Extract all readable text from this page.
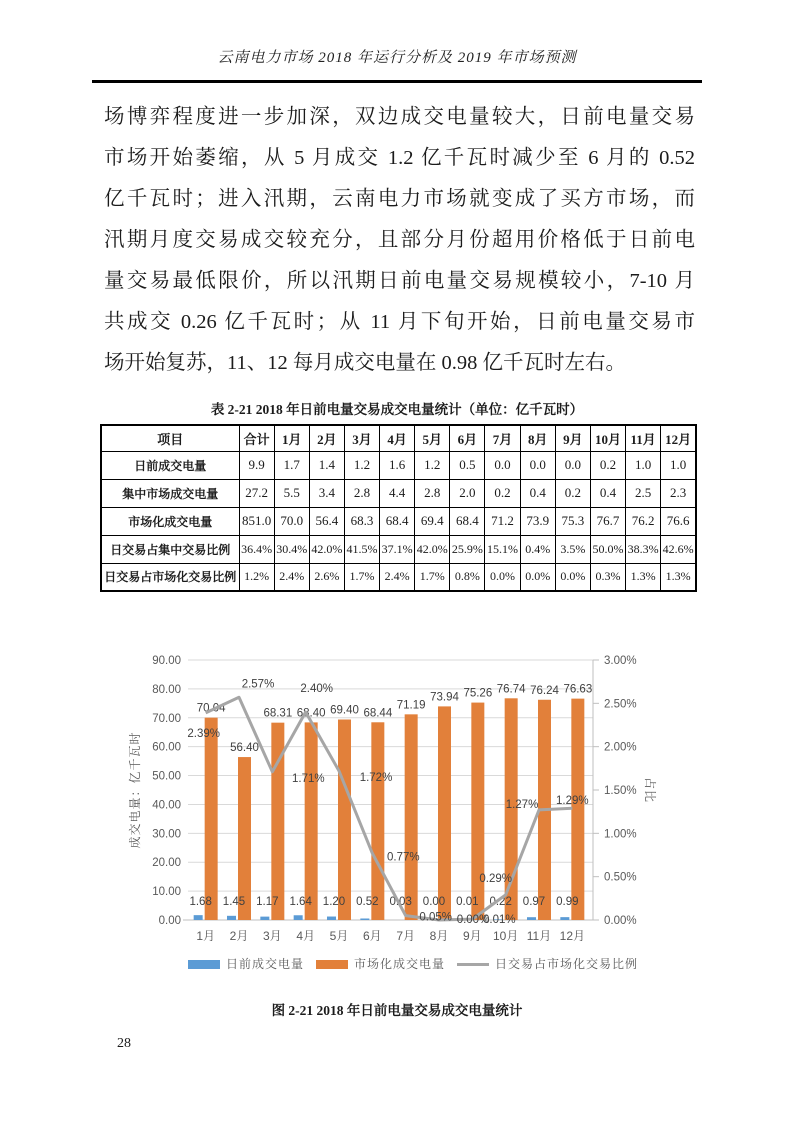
云南电力市场 2018 年运行分析及 2019 年市场预测
场博弈程度进一步加深，双边成交电量较大，日前电量交易
市场开始萎缩，从 5 月成交 1.2 亿千瓦时减少至 6 月的 0.52
亿千瓦时；进入汛期，云南电力市场就变成了买方市场，而
汛期月度交易成交较充分，且部分月份超用价格低于日前电
量交易最低限价，所以汛期日前电量交易规模较小，7-10 月
共成交 0.26 亿千瓦时；从 11 月下旬开始，日前电量交易市
场开始复苏，11、12 每月成交电量在 0.98 亿千瓦时左右。
表 2-21 2018 年日前电量交易成交电量统计（单位：亿千瓦时）
项目	合计	1月	2月	3月	4月	5月	6月	7月	8月	9月	10月	11月	12月
日前成交电量	9.9	1.7	1.4	1.2	1.6	1.2	0.5	0.0	0.0	0.0	0.2	1.0	1.0
集中市场成交电量	27.2	5.5	3.4	2.8	4.4	2.8	2.0	0.2	0.4	0.2	0.4	2.5	2.3
市场化成交电量	851.0	70.0	56.4	68.3	68.4	69.4	68.4	71.2	73.9	75.3	76.7	76.2	76.6
日交易占集中交易比例	36.4%	30.4%	42.0%	41.5%	37.1%	42.0%	25.9%	15.1%	0.4%	3.5%	50.0%	38.3%	42.6%
日交易占市场化交易比例	1.2%	2.4%	2.6%	1.7%	2.4%	1.7%	0.8%	0.0%	0.0%	0.0%	0.3%	1.3%	1.3%
90.00
80.00
70.00
60.00
50.00
40.00
30.00
20.00
10.00
0.00
3.00%
2.50%
2.00%
1.50%
1.00%
0.50%
0.00%
70.04
1.68
1月
56.40
1.45
2月
68.31
1.17
3月
68.40
1.64
4月
69.40
1.20
5月
68.44
0.52
6月
71.19
0.03
7月
73.94
0.00
8月
75.26
0.01
9月
76.74
0.22
10月
76.24
0.97
11月
76.63
0.99
12月
2.39%
2.57%
1.71%
2.40%
1.72%
0.77%
0.05% 0.00%
0.01%
0.29%
1.27% 1.29%
成交电量：亿千瓦时	占比
日前成交电量	市场化成交电量	日交易占市场化交易比例
图 2-21 2018 年日前电量交易成交电量统计
28
